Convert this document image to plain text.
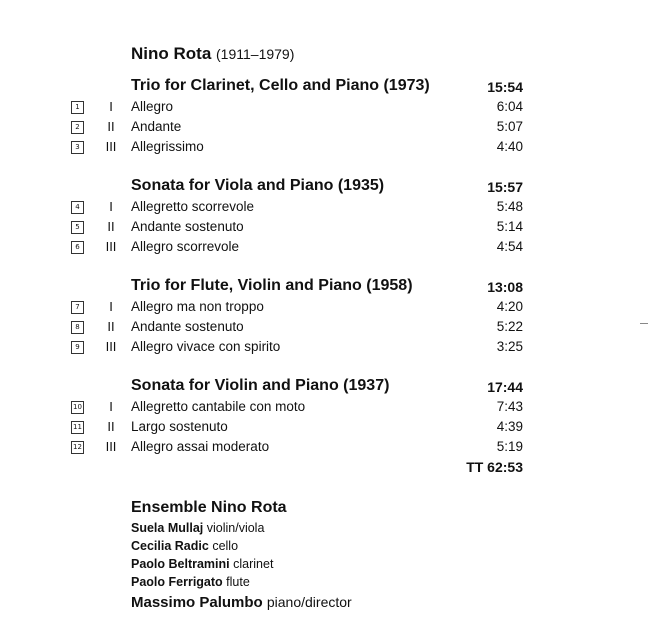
Nino Rota (1911–1979)
Trio for Clarinet, Cello and Piano (1973)	15:54
1	I	Allegro	6:04
2	II	Andante	5:07
3	III	Allegrissimo	4:40
Sonata for Viola and Piano (1935)	15:57
4	I	Allegretto scorrevole	5:48
5	II	Andante sostenuto	5:14
6	III	Allegro scorrevole	4:54
Trio for Flute, Violin and Piano (1958)	13:08
7	I	Allegro ma non troppo	4:20
8	II	Andante sostenuto	5:22
9	III	Allegro vivace con spirito	3:25
Sonata for Violin and Piano (1937)	17:44
10	I	Allegretto cantabile con moto	7:43
11	II	Largo sostenuto	4:39
12	III	Allegro assai moderato	5:19
TT 62:53
Ensemble Nino Rota
Suela Mullaj violin/viola
Cecilia Radic cello
Paolo Beltramini clarinet
Paolo Ferrigato flute
Massimo Palumbo piano/director
